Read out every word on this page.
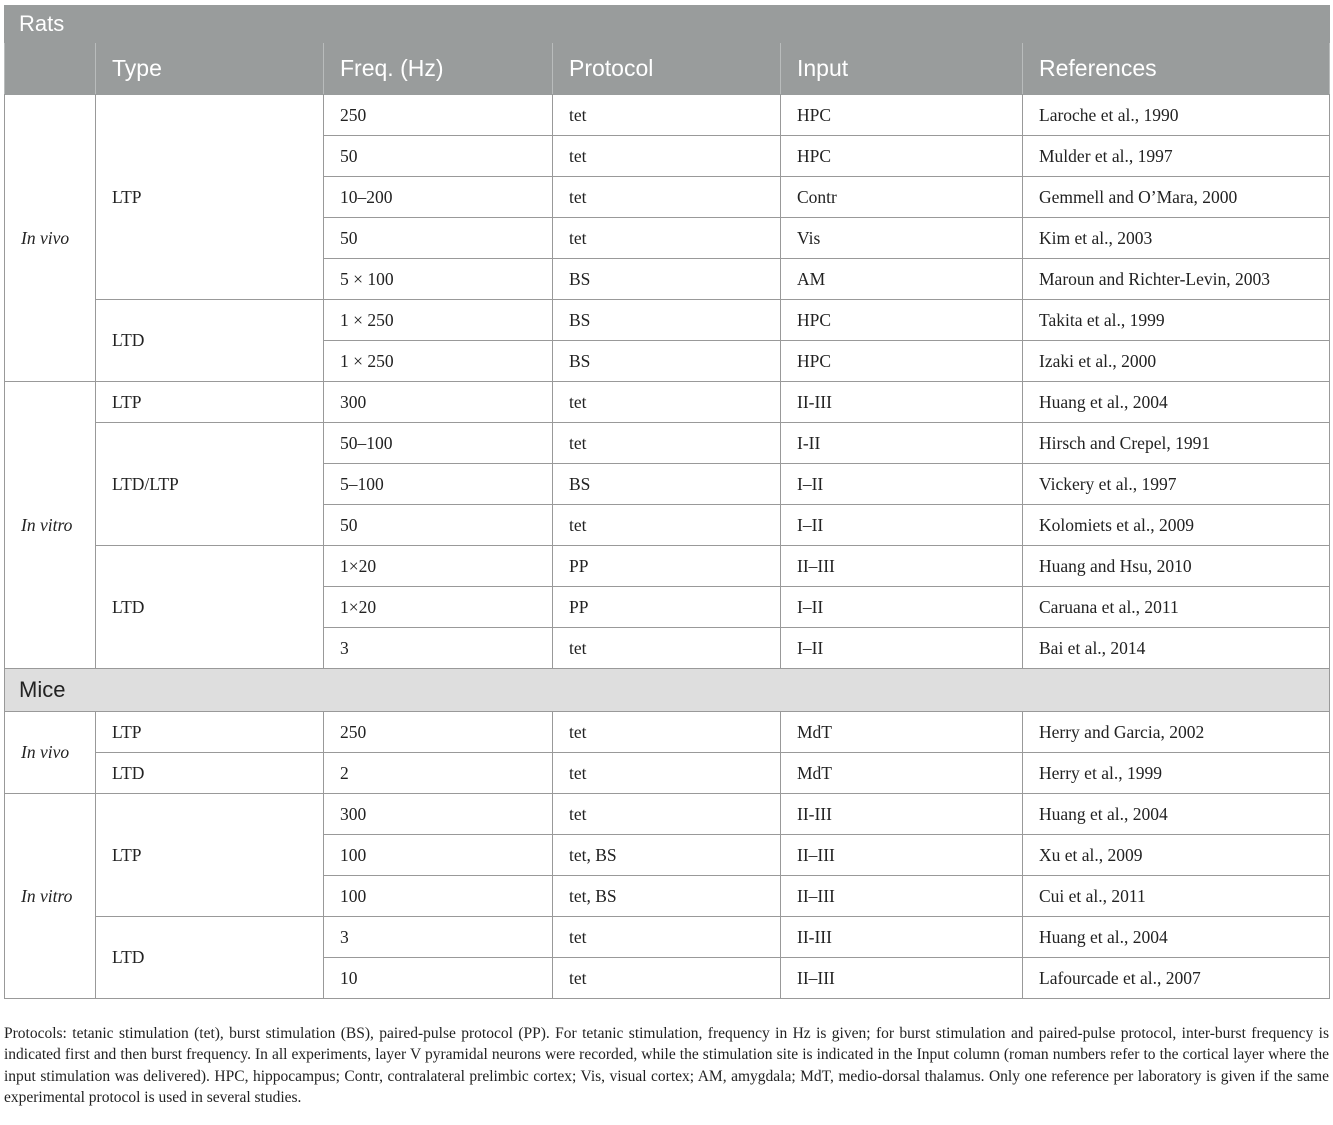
Rats					
	Type	Freq. (Hz)	Protocol	Input	References
In vivo	LTP	250	tet	HPC	Laroche et al., 1990
		50	tet	HPC	Mulder et al., 1997
		10–200	tet	Contr	Gemmell and O’Mara, 2000
		50	tet	Vis	Kim et al., 2003
		5 × 100	BS	AM	Maroun and Richter-Levin, 2003
	LTD	1 × 250	BS	HPC	Takita et al., 1999
		1 × 250	BS	HPC	Izaki et al., 2000
In vitro	LTP	300	tet	II-III	Huang et al., 2004
	LTD/LTP	50–100	tet	I-II	Hirsch and Crepel, 1991
		5–100	BS	I–II	Vickery et al., 1997
		50	tet	I–II	Kolomiets et al., 2009
	LTD	1×20	PP	II–III	Huang and Hsu, 2010
		1×20	PP	I–II	Caruana et al., 2011
		3	tet	I–II	Bai et al., 2014
Mice					
In vivo	LTP	250	tet	MdT	Herry and Garcia, 2002
	LTD	2	tet	MdT	Herry et al., 1999
In vitro	LTP	300	tet	II-III	Huang et al., 2004
		100	tet, BS	II–III	Xu et al., 2009
		100	tet, BS	II–III	Cui et al., 2011
	LTD	3	tet	II-III	Huang et al., 2004
		10	tet	II–III	Lafourcade et al., 2007
Protocols: tetanic stimulation (tet), burst stimulation (BS), paired-pulse protocol (PP). For tetanic stimulation, frequency in Hz is given; for burst stimulation and paired-pulse protocol, inter-burst frequency is indicated first and then burst frequency. In all experiments, layer V pyramidal neurons were recorded, while the stimulation site is indicated in the Input column (roman numbers refer to the cortical layer where the input stimulation was delivered). HPC, hippocampus; Contr, contralateral prelimbic cortex; Vis, visual cortex; AM, amygdala; MdT, medio-dorsal thalamus. Only one reference per laboratory is given if the same experimental protocol is used in several studies.
